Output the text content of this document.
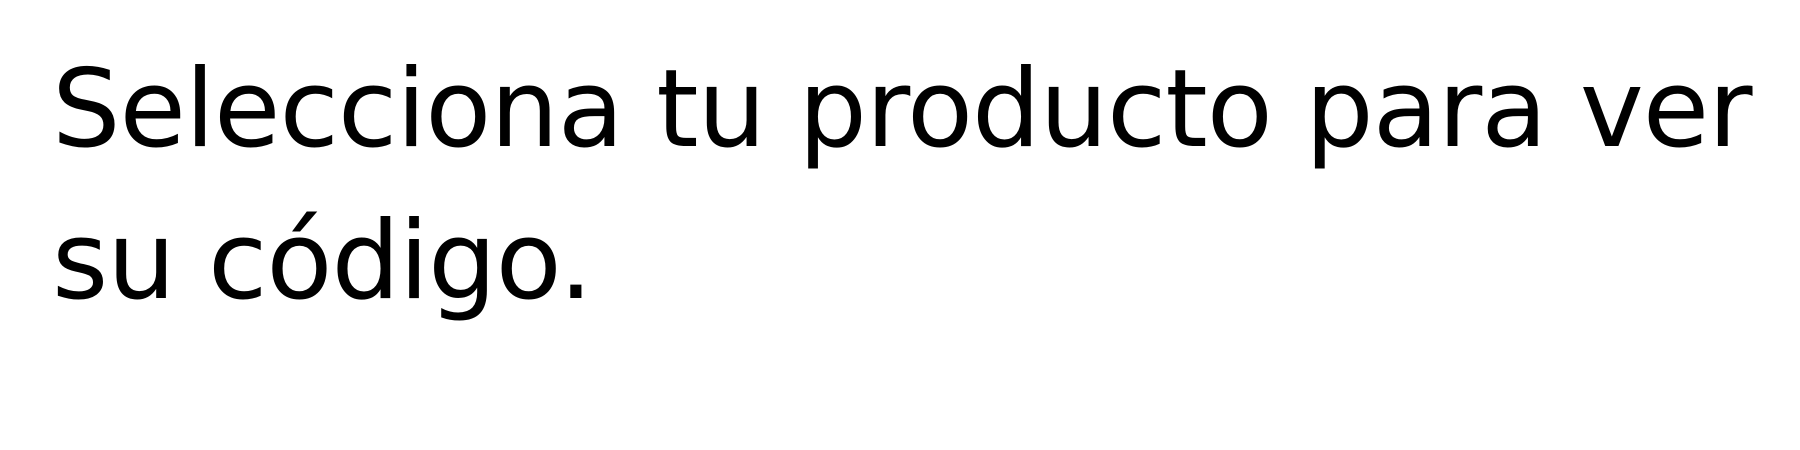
Selecciona tu producto para ver su código.
